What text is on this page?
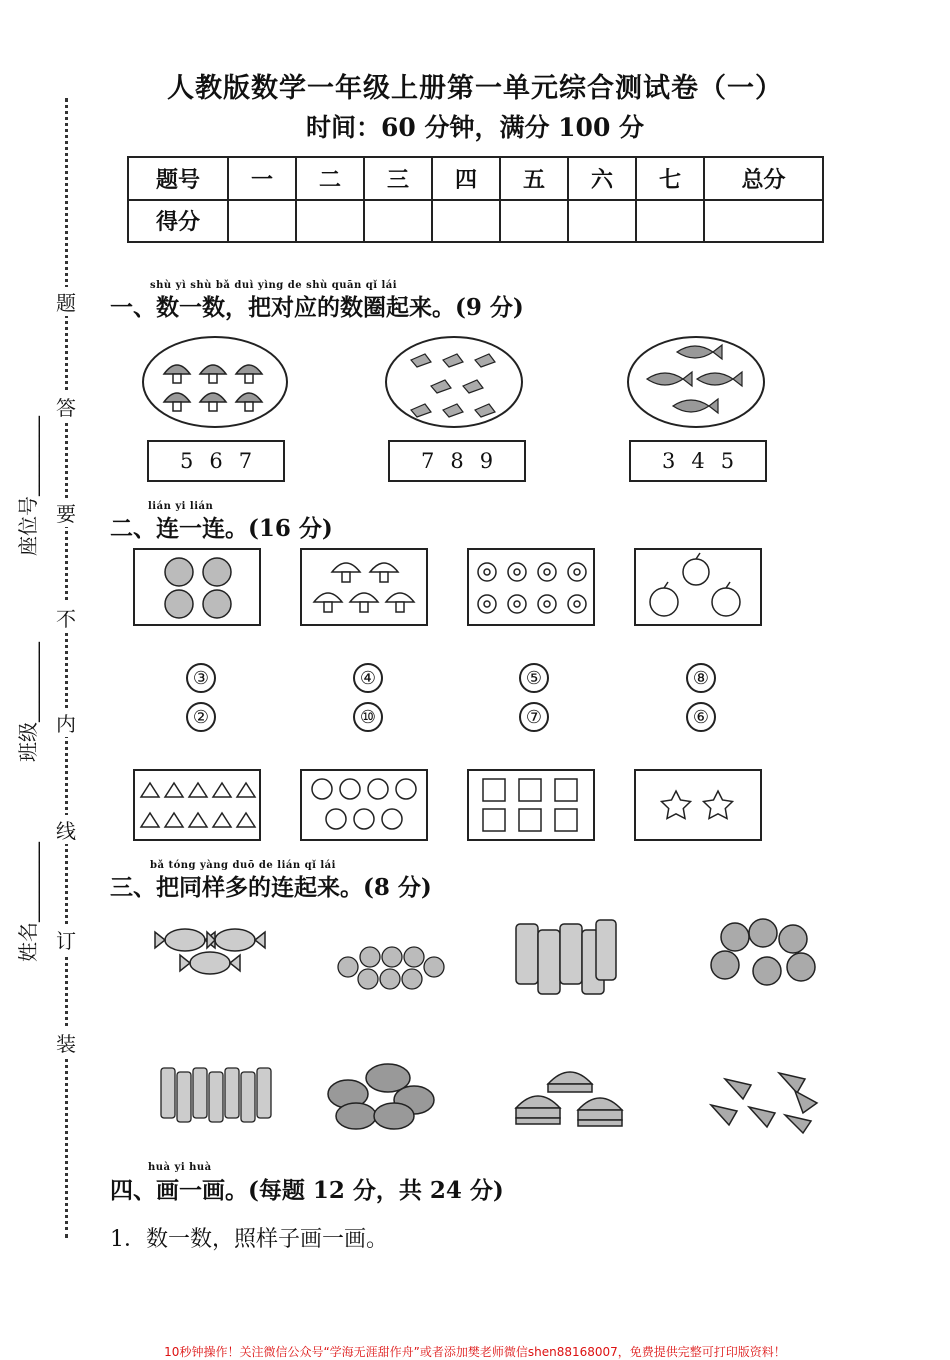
人教版数学一年级上册第一单元综合测试卷（一）
时间：60 分钟，满分 100 分
题号	一	二	三	四	五	六	七	总分
得分								
装
订
线
内
不
要
答
题
姓名________
班级________
座位号________
shù yì shù bǎ duì yìng de shù quān qǐ lái
一、数一数，把对应的数圈起来。(9 分)
5 6 7	7 8 9	3 4 5
lián yi lián
二、连一连。(16 分)
③	④	⑤	⑧
②	⑩	⑦	⑥
bǎ tóng yàng duō de lián qǐ lái
三、把同样多的连起来。(8 分)
huà yi huà
四、画一画。(每题 12 分，共 24 分)
1．数一数，照样子画一画。
10秒钟操作！关注微信公众号“学海无涯甜作舟”或者添加樊老师微信shen88168007，免费提供完整可打印版资料！
